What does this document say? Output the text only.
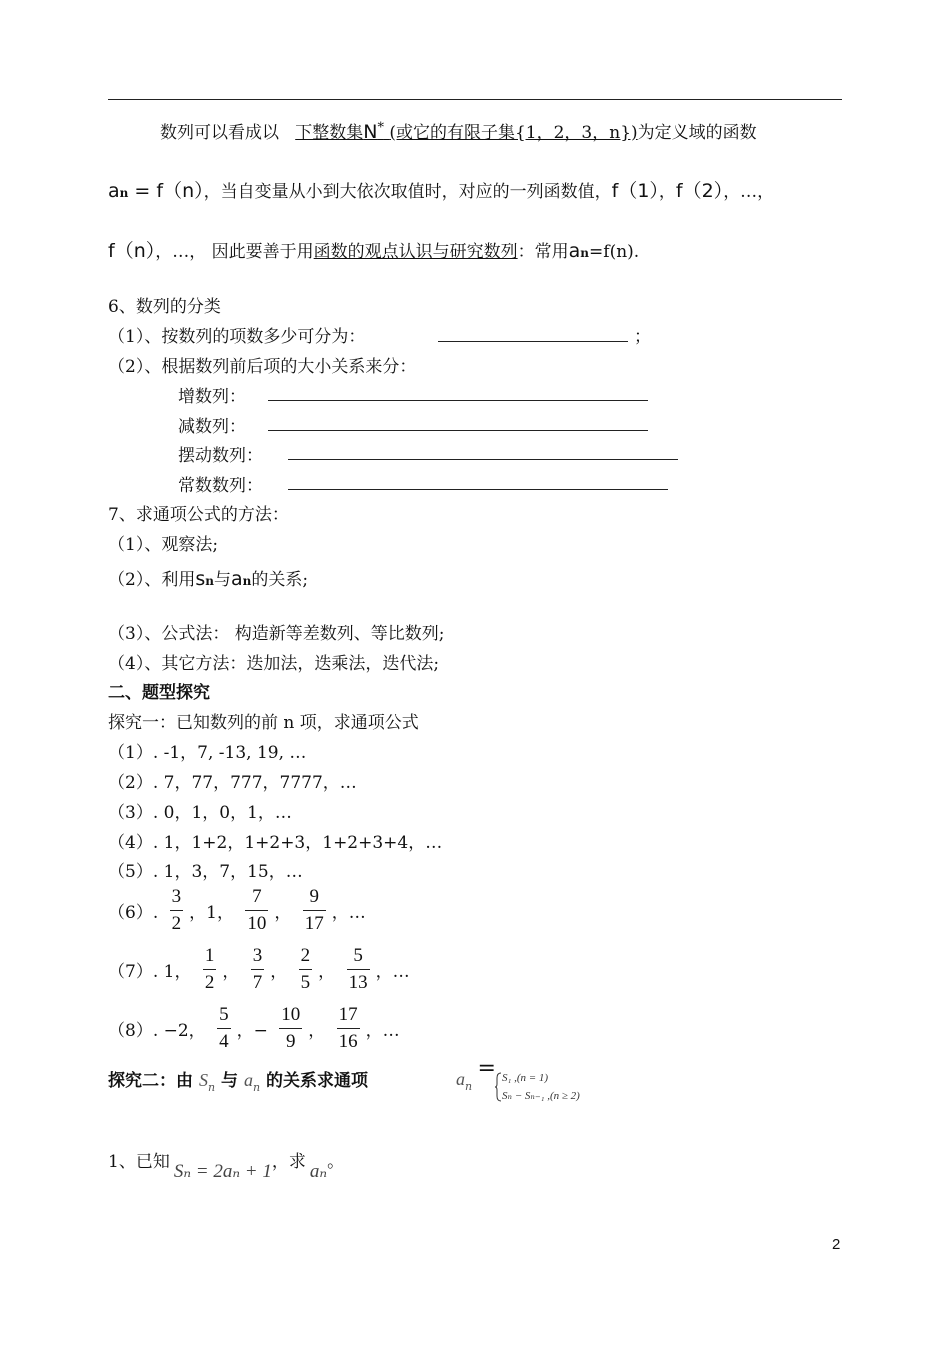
数列可以看成以 下整数集N* (或它的有限子集{1，2，3，n})为定义域的函数
an = f（n），当自变量从小到大依次取值时，对应的一列函数值，f（1），f（2），…，
f（n），…， 因此要善于用函数的观点认识与研究数列：常用an=f(n).
6、数列的分类
（1）、按数列的项数多少可分为：	；
（2）、根据数列前后项的大小关系来分：
增数列：
减数列：
摆动数列：
常数数列：
7、求通项公式的方法：
（1）、观察法;
（2）、利用sn与an的关系;
（3）、公式法： 构造新等差数列、等比数列;
（4）、其它方法：迭加法，迭乘法，迭代法;
二、题型探究
探究一：已知数列的前 n 项，求通项公式
（1）. -1，7, -13, 19, …
（2）. 7，77，777，7777，…
（3）. 0，1，0，1，…
（4）. 1，1+2，1+2+3，1+2+3+4，…
（5）. 1，3，7，15，…
（6）. $\frac{3}{2}$ ，1， $\frac{7}{10}$ ， $\frac{9}{17}$ ，…
（7）. 1， $\frac{1}{2}$ ， $\frac{3}{7}$ ， $\frac{2}{5}$ ， $\frac{5}{13}$ ，…
（8）. −2， $\frac{5}{4}$ ，− $\frac{10}{9}$ ， $\frac{17}{16}$ ，…
探究二：由 $S_n$ 与 $a_n$ 的关系求通项	$a_n = S_1$ ,(n = 1)
Sₙ − Sₙ₋₁ ,(n ≥ 2)
1、已知 Sₙ = 2aₙ + 1，求 aₙ。
2
